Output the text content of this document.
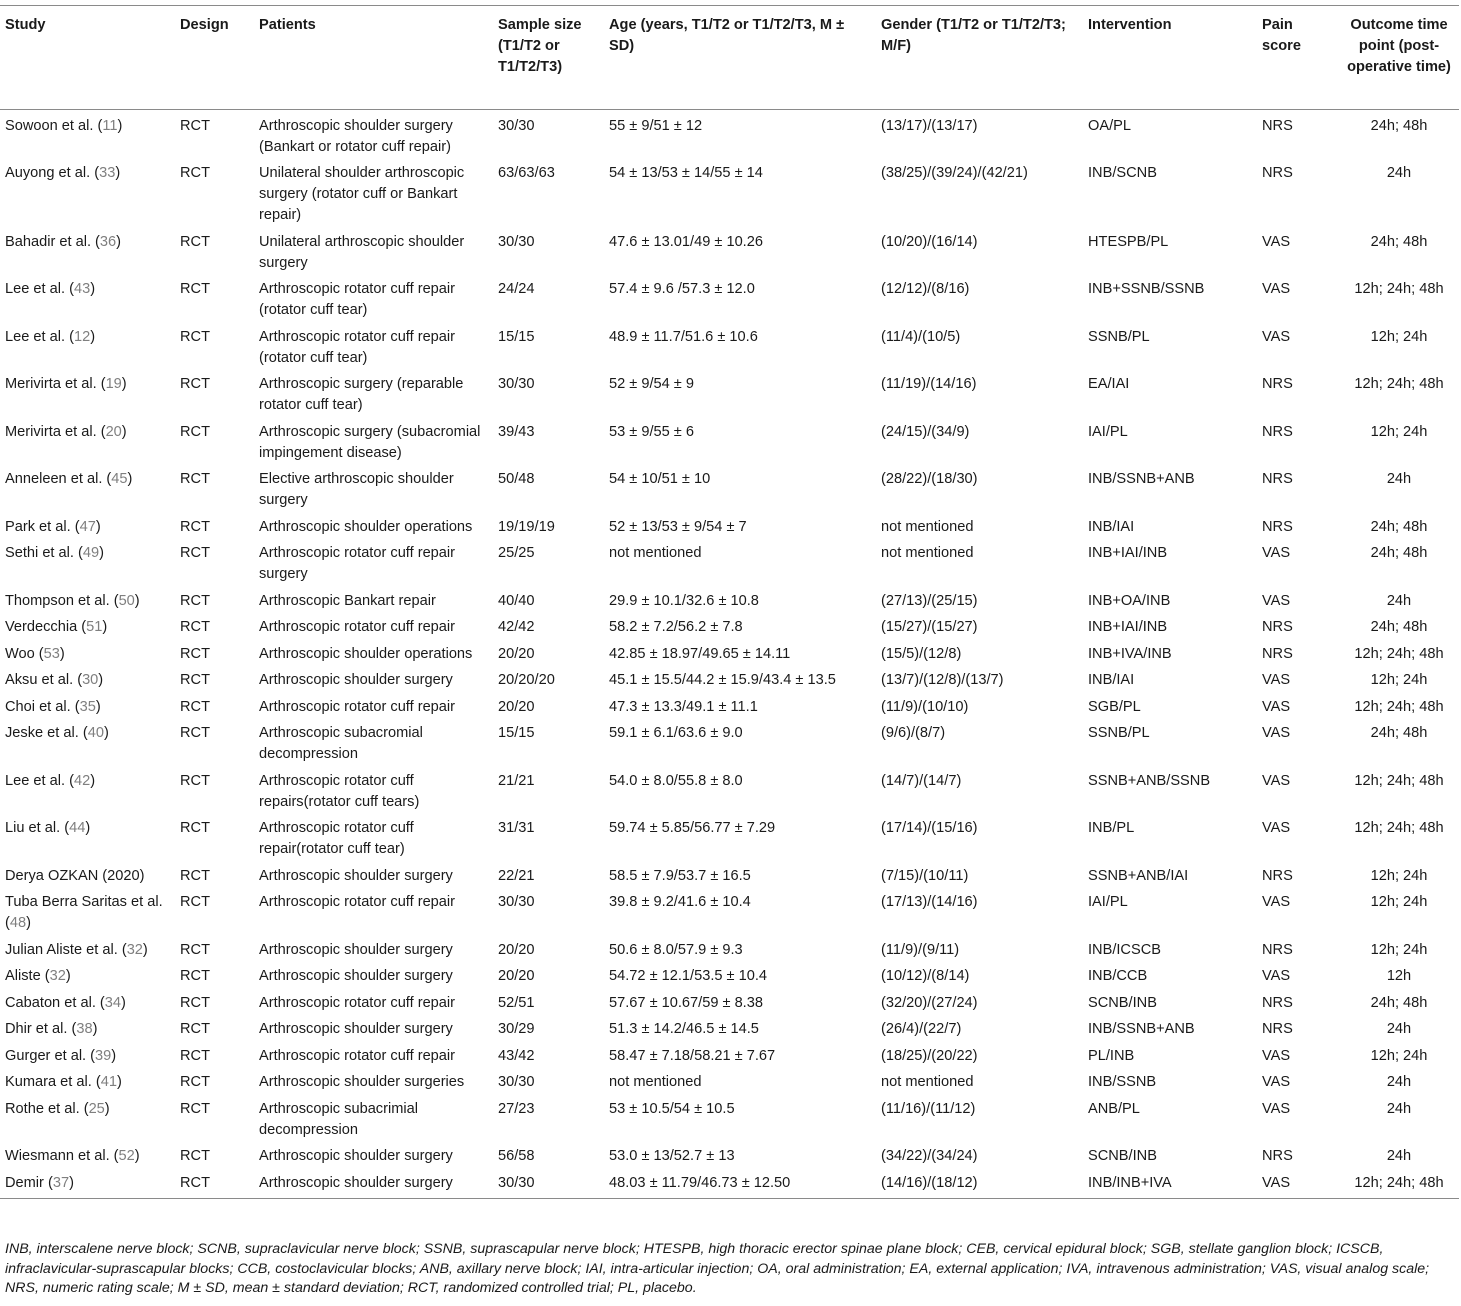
Study	Design	Patients	Sample size (T1/T2 or T1/T2/T3)	Age (years, T1/T2 or T1/T2/T3, M ± SD)	Gender (T1/T2 or T1/T2/T3; M/F)	Intervention	Pain score	Outcome time point (post-operative time)
Sowoon et al. (11)	RCT	Arthroscopic shoulder surgery (Bankart or rotator cuff repair)	30/30	55 ± 9/51 ± 12	(13/17)/(13/17)	OA/PL	NRS	24h; 48h
Auyong et al. (33)	RCT	Unilateral shoulder arthroscopic surgery (rotator cuff or Bankart repair)	63/63/63	54 ± 13/53 ± 14/55 ± 14	(38/25)/(39/24)/(42/21)	INB/SCNB	NRS	24h
Bahadir et al. (36)	RCT	Unilateral arthroscopic shoulder surgery	30/30	47.6 ± 13.01/49 ± 10.26	(10/20)/(16/14)	HTESPB/PL	VAS	24h; 48h
Lee et al. (43)	RCT	Arthroscopic rotator cuff repair (rotator cuff tear)	24/24	57.4 ± 9.6 /57.3 ± 12.0	(12/12)/(8/16)	INB+SSNB/SSNB	VAS	12h; 24h; 48h
Lee et al. (12)	RCT	Arthroscopic rotator cuff repair (rotator cuff tear)	15/15	48.9 ± 11.7/51.6 ± 10.6	(11/4)/(10/5)	SSNB/PL	VAS	12h; 24h
Merivirta et al. (19)	RCT	Arthroscopic surgery (reparable rotator cuff tear)	30/30	52 ± 9/54 ± 9	(11/19)/(14/16)	EA/IAI	NRS	12h; 24h; 48h
Merivirta et al. (20)	RCT	Arthroscopic surgery (subacromial impingement disease)	39/43	53 ± 9/55 ± 6	(24/15)/(34/9)	IAI/PL	NRS	12h; 24h
Anneleen et al. (45)	RCT	Elective arthroscopic shoulder surgery	50/48	54 ± 10/51 ± 10	(28/22)/(18/30)	INB/SSNB+ANB	NRS	24h
Park et al. (47)	RCT	Arthroscopic shoulder operations	19/19/19	52 ± 13/53 ± 9/54 ± 7	not mentioned	INB/IAI	NRS	24h; 48h
Sethi et al. (49)	RCT	Arthroscopic rotator cuff repair surgery	25/25	not mentioned	not mentioned	INB+IAI/INB	VAS	24h; 48h
Thompson et al. (50)	RCT	Arthroscopic Bankart repair	40/40	29.9 ± 10.1/32.6 ± 10.8	(27/13)/(25/15)	INB+OA/INB	VAS	24h
Verdecchia (51)	RCT	Arthroscopic rotator cuff repair	42/42	58.2 ± 7.2/56.2 ± 7.8	(15/27)/(15/27)	INB+IAI/INB	NRS	24h; 48h
Woo (53)	RCT	Arthroscopic shoulder operations	20/20	42.85 ± 18.97/49.65 ± 14.11	(15/5)/(12/8)	INB+IVA/INB	NRS	12h; 24h; 48h
Aksu et al. (30)	RCT	Arthroscopic shoulder surgery	20/20/20	45.1 ± 15.5/44.2 ± 15.9/43.4 ± 13.5	(13/7)/(12/8)/(13/7)	INB/IAI	VAS	12h; 24h
Choi et al. (35)	RCT	Arthroscopic rotator cuff repair	20/20	47.3 ± 13.3/49.1 ± 11.1	(11/9)/(10/10)	SGB/PL	VAS	12h; 24h; 48h
Jeske et al. (40)	RCT	Arthroscopic subacromial decompression	15/15	59.1 ± 6.1/63.6 ± 9.0	(9/6)/(8/7)	SSNB/PL	VAS	24h; 48h
Lee et al. (42)	RCT	Arthroscopic rotator cuff repairs(rotator cuff tears)	21/21	54.0 ± 8.0/55.8 ± 8.0	(14/7)/(14/7)	SSNB+ANB/SSNB	VAS	12h; 24h; 48h
Liu et al. (44)	RCT	Arthroscopic rotator cuff repair(rotator cuff tear)	31/31	59.74 ± 5.85/56.77 ± 7.29	(17/14)/(15/16)	INB/PL	VAS	12h; 24h; 48h
Derya OZKAN (2020)	RCT	Arthroscopic shoulder surgery	22/21	58.5 ± 7.9/53.7 ± 16.5	(7/15)/(10/11)	SSNB+ANB/IAI	NRS	12h; 24h
Tuba Berra Saritas et al. (48)	RCT	Arthroscopic rotator cuff repair	30/30	39.8 ± 9.2/41.6 ± 10.4	(17/13)/(14/16)	IAI/PL	VAS	12h; 24h
Julian Aliste et al. (32)	RCT	Arthroscopic shoulder surgery	20/20	50.6 ± 8.0/57.9 ± 9.3	(11/9)/(9/11)	INB/ICSCB	NRS	12h; 24h
Aliste (32)	RCT	Arthroscopic shoulder surgery	20/20	54.72 ± 12.1/53.5 ± 10.4	(10/12)/(8/14)	INB/CCB	VAS	12h
Cabaton et al. (34)	RCT	Arthroscopic rotator cuff repair	52/51	57.67 ± 10.67/59 ± 8.38	(32/20)/(27/24)	SCNB/INB	NRS	24h; 48h
Dhir et al. (38)	RCT	Arthroscopic shoulder surgery	30/29	51.3 ± 14.2/46.5 ± 14.5	(26/4)/(22/7)	INB/SSNB+ANB	NRS	24h
Gurger et al. (39)	RCT	Arthroscopic rotator cuff repair	43/42	58.47 ± 7.18/58.21 ± 7.67	(18/25)/(20/22)	PL/INB	VAS	12h; 24h
Kumara et al. (41)	RCT	Arthroscopic shoulder surgeries	30/30	not mentioned	not mentioned	INB/SSNB	VAS	24h
Rothe et al. (25)	RCT	Arthroscopic subacrimial decompression	27/23	53 ± 10.5/54 ± 10.5	(11/16)/(11/12)	ANB/PL	VAS	24h
Wiesmann et al. (52)	RCT	Arthroscopic shoulder surgery	56/58	53.0 ± 13/52.7 ± 13	(34/22)/(34/24)	SCNB/INB	NRS	24h
Demir (37)	RCT	Arthroscopic shoulder surgery	30/30	48.03 ± 11.79/46.73 ± 12.50	(14/16)/(18/12)	INB/INB+IVA	VAS	12h; 24h; 48h
INB, interscalene nerve block; SCNB, supraclavicular nerve block; SSNB, suprascapular nerve block; HTESPB, high thoracic erector spinae plane block; CEB, cervical epidural block; SGB, stellate ganglion block; ICSCB, infraclavicular-suprascapular blocks; CCB, costoclavicular blocks; ANB, axillary nerve block; IAI, intra-articular injection; OA, oral administration; EA, external application; IVA, intravenous administration; VAS, visual analog scale; NRS, numeric rating scale; M ± SD, mean ± standard deviation; RCT, randomized controlled trial; PL, placebo.
